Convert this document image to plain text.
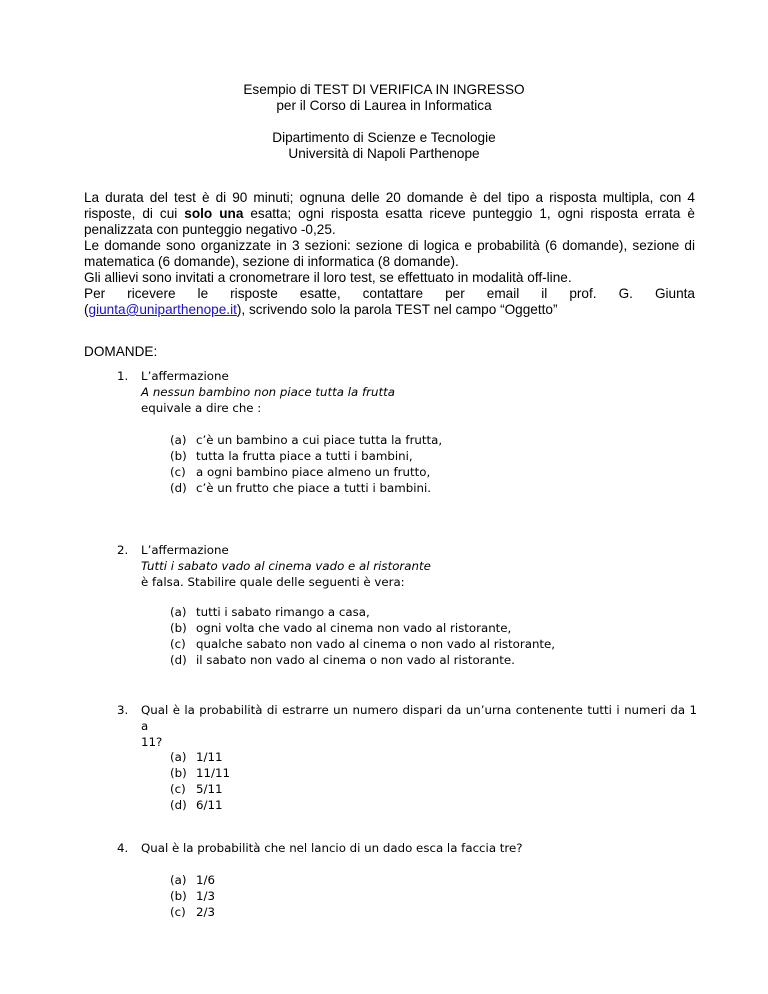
Esempio di TEST DI VERIFICA IN INGRESSO
per il Corso di Laurea in Informatica
Dipartimento di Scienze e Tecnologie
Università di Napoli Parthenope

La durata del test è di 90 minuti; ognuna delle 20 domande è del tipo a risposta multipla, con 4 risposte, di cui solo una esatta; ogni risposta esatta riceve punteggio 1, ogni risposta errata è penalizzata con punteggio negativo -0,25.

Le domande sono organizzate in 3 sezioni: sezione di logica e probabilità (6 domande), sezione di matematica (6 domande), sezione di informatica (8 domande).

Gli allievi sono invitati a cronometrare il loro test, se effettuato in modalità off-line.

Per ricevere le risposte esatte, contattare per email il prof. G. Giunta
(giunta@uniparthenope.it), scrivendo solo la parola TEST nel campo “Oggetto”

DOMANDE:
1. L’affermazione
A nessun bambino non piace tutta la frutta
equivale a dire che :
(a) c’è un bambino a cui piace tutta la frutta,
(b) tutta la frutta piace a tutti i bambini,
(c) a ogni bambino piace almeno un frutto,
(d) c’è un frutto che piace a tutti i bambini.
2. L’affermazione
Tutti i sabato vado al cinema vado e al ristorante
è falsa. Stabilire quale delle seguenti è vera:
(a) tutti i sabato rimango a casa,
(b) ogni volta che vado al cinema non vado al ristorante,
(c) qualche sabato non vado al cinema o non vado al ristorante,
(d) il sabato non vado al cinema o non vado al ristorante.
3. Qual è la probabilità di estrarre un numero dispari da un’urna contenente tutti i numeri da 1 a
11?
(a) 1/11
(b) 11/11
(c) 5/11
(d) 6/11
4. Qual è la probabilità che nel lancio di un dado esca la faccia tre?
(a) 1/6
(b) 1/3
(c) 2/3
